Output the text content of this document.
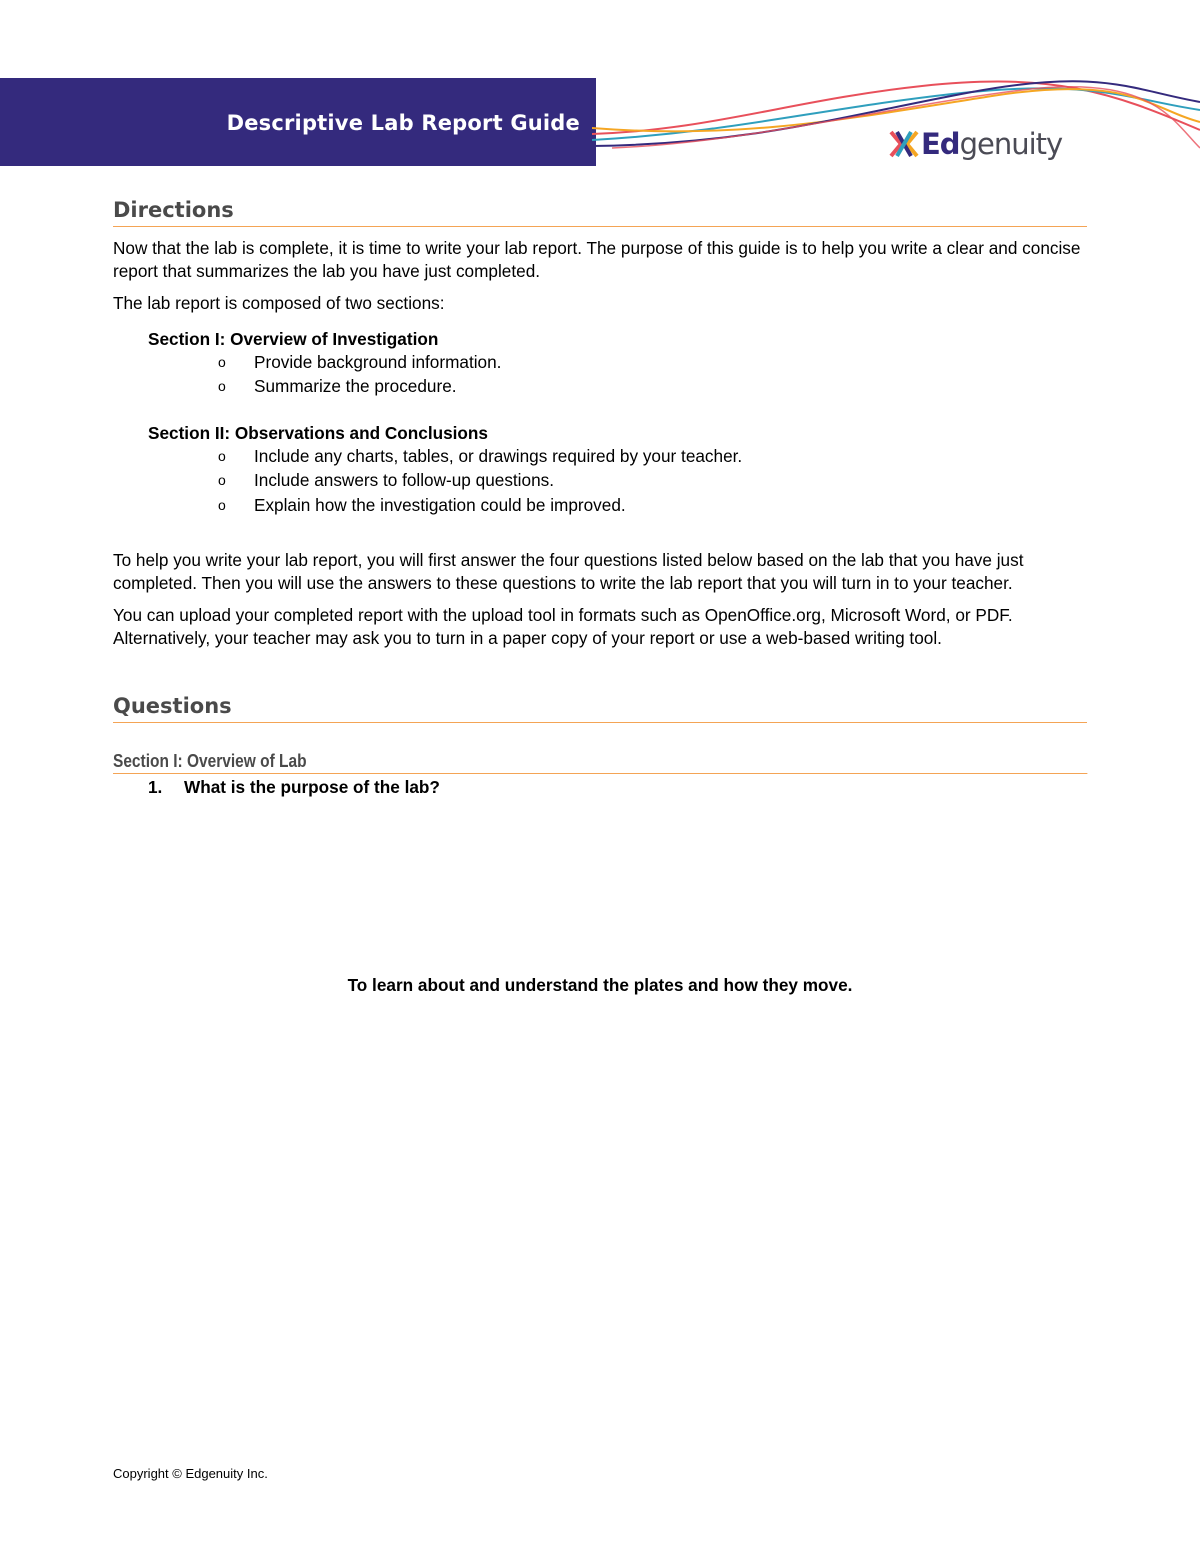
Descriptive Lab Report Guide
Edgenuity
Directions

Now that the lab is complete, it is time to write your lab report. The purpose of this guide is to help you write a clear and concise report that summarizes the lab you have just completed.

The lab report is composed of two sections:

Section I: Overview of Investigation
o Provide background information.
o Summarize the procedure.
Section II: Observations and Conclusions
o Include any charts, tables, or drawings required by your teacher.
o Include answers to follow-up questions.
o Explain how the investigation could be improved.

To help you write your lab report, you will first answer the four questions listed below based on the lab that you have just completed. Then you will use the answers to these questions to write the lab report that you will turn in to your teacher.

You can upload your completed report with the upload tool in formats such as OpenOffice.org, Microsoft Word, or PDF. Alternatively, your teacher may ask you to turn in a paper copy of your report or use a web-based writing tool.

Questions
Section I: Overview of Lab
1. What is the purpose of the lab?
To learn about and understand the plates and how they move.
Copyright © Edgenuity Inc.
